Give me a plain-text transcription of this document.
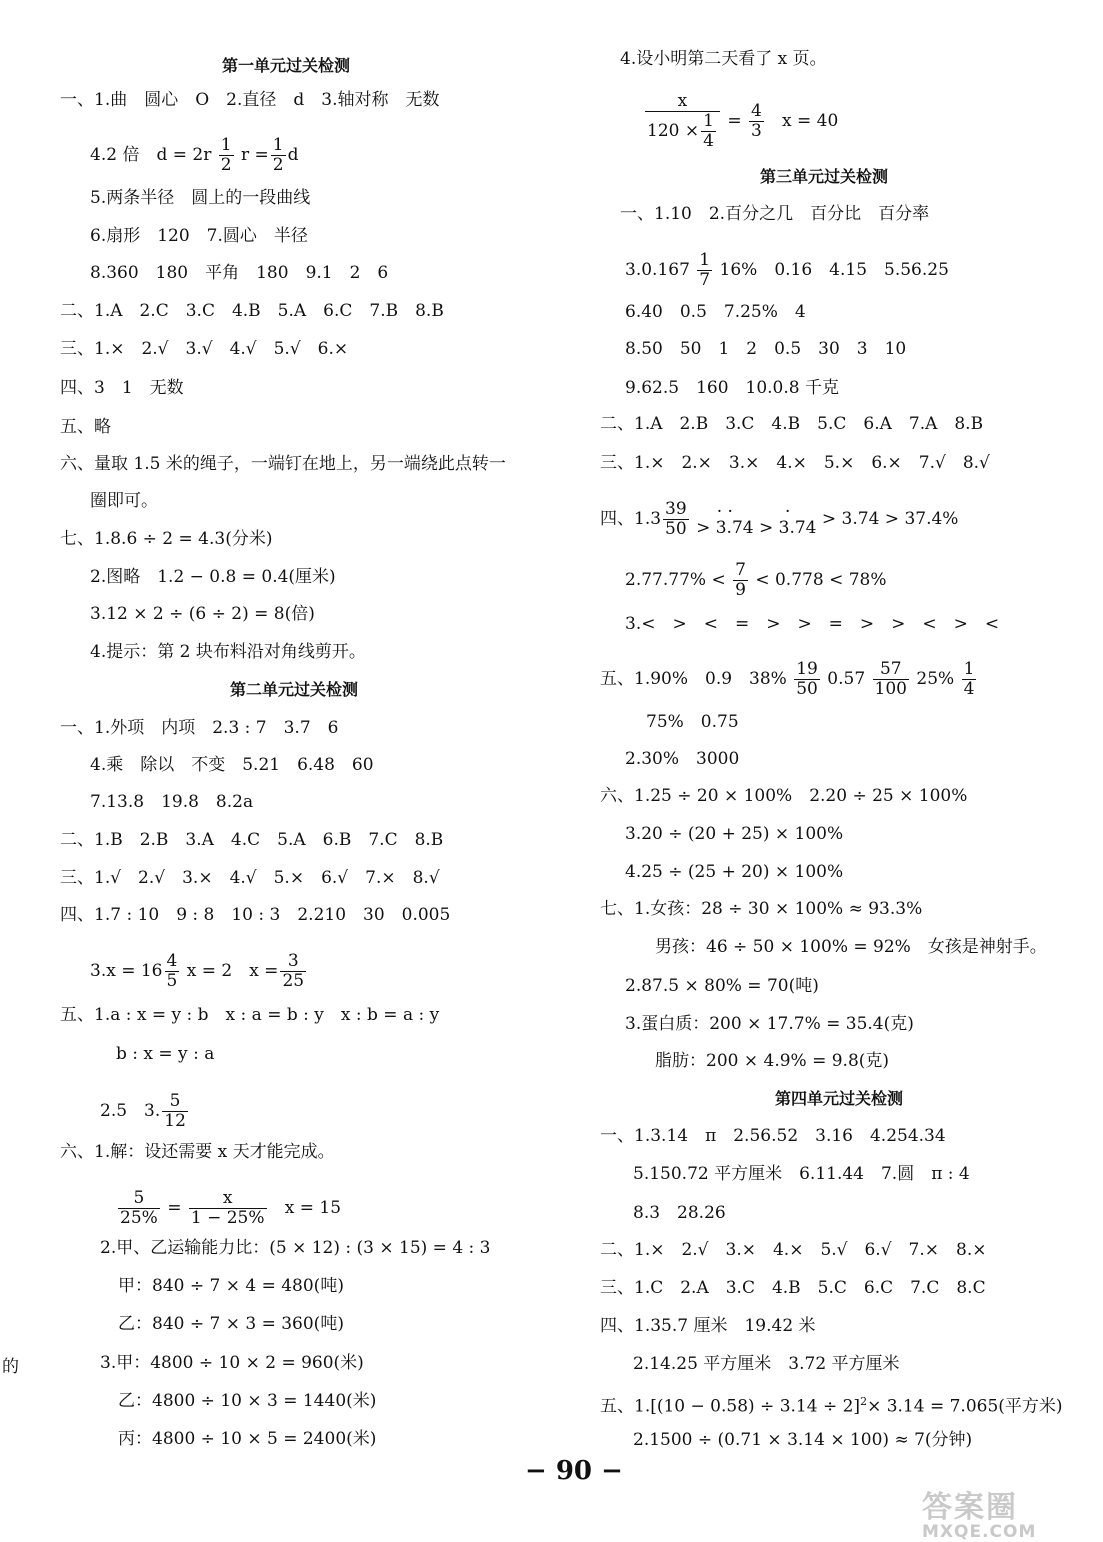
第一单元过关检测
一、1.曲　圆心　O　2.直径　d　3.轴对称　无数
4.2 倍　$d = 2r \frac{1}{2}$ $r = \frac{1}{2}$ d
5.两条半径　圆上的一段曲线
6.扇形　120　7.圆心　半径
8.360　180　平角　180　9.1　2　6
二、1.A　2.C　3.C　4.B　5.A　6.C　7.B　8.B
三、1.×　2.√　3.√　4.√　5.√　6.×
四、3　1　无数
五、略
六、量取 1.5 米的绳子，一端钉在地上，另一端绕此点转一
圈即可。
七、1.8.6 ÷ 2 = 4.3(分米)
2.图略　1.2 − 0.8 = 0.4(厘米)
3.12 × 2 ÷ (6 ÷ 2) = 8(倍)
4.提示：第 2 块布料沿对角线剪开。
第二单元过关检测
一、1.外项　内项　2.3 : 7　3.7　6
4.乘　除以　不变　5.21　6.48　60
7.13.8　19.8　8.2a
二、1.B　2.B　3.A　4.C　5.A　6.B　7.C　8.B
三、1.√　2.√　3.×　4.√　5.×　6.√　7.×　8.√
四、1.7 : 10　9 : 8　10 : 3　2.210　30　0.005
$3.x = 16 \frac{4}{5}$ x = 2　$x = \frac{3}{25}$
五、1.a : x = y : b　x : a = b : y　x : b = a : y
b : x = y : a
2.5　3. $\frac{5}{12}$
六、1.解：设还需要 x 天才能完成。
$\frac{5}{25\%} = \frac{x}{1 - 25\%}$ x = 15
2.甲、乙运输能力比：(5 × 12) : (3 × 15) = 4 : 3
甲：840 ÷ 7 × 4 = 480(吨)
乙：840 ÷ 7 × 3 = 360(吨)
3.甲：4800 ÷ 10 × 2 = 960(米)
乙：4800 ÷ 10 × 3 = 1440(米)
丙：4800 ÷ 10 × 5 = 2400(米)
的
4.设小明第二天看了 x 页。
$\frac{x}{120 \times \frac{1}{4}} = \frac{4}{3}$ x = 40
第三单元过关检测
一、1.10　2.百分之几　百分比　百分率
$3.0.167 \frac{1}{7} 16\%$　0.16　4.15　5.56.25
6.40　0.5　7.25%　4
8.50　50　1　2　0.5　30　3　10
9.62.5　160　10.0.8 千克
二、1.A　2.B　3.C　4.B　5.C　6.A　7.A　8.B
三、1.×　2.×　3.×　4.×　5.×　6.×　7.√　8.√
四、$1.3 \frac{39}{50}$
	· ·
> 3.74

·
> 3.74 > 3.74 > 37.4%
$2.77.77\% < \frac{7}{9} < 0.778 < 78\%$
3.<　>　<　=　>　>　=　>　>　<　>　<
五、1.90%　0.9　$38\% \frac{19}{50} 0.57 \frac{57}{100} 25\% \frac{1}{4}$
75%　0.75
2.30%　3000
六、1.25 ÷ 20 × 100%　2.20 ÷ 25 × 100%
3.20 ÷ (20 + 25) × 100%
4.25 ÷ (25 + 20) × 100%
七、1.女孩：28 ÷ 30 × 100% ≈ 93.3%
男孩：46 ÷ 50 × 100% = 92%　女孩是神射手。
2.87.5 × 80% = 70(吨)
3.蛋白质：200 × 17.7% = 35.4(克)
脂肪：200 × 4.9% = 9.8(克)
第四单元过关检测
一、1.3.14　π　2.56.52　3.16　4.254.34
5.150.72 平方厘米　6.11.44　7.圆　π : 4
8.3　28.26
二、1.×　2.√　3.×　4.×　5.√　6.√　7.×　8.×
三、1.C　2.A　3.C　4.B　5.C　6.C　7.C　8.C
四、1.35.7 厘米　19.42 米
2.14.25 平方厘米　3.72 平方厘米
五、$1.[(10 - 0.58) \div 3.14 \div 2]^2\times 3.14 = 7.065$(平方米)
2.1500 ÷ (0.71 × 3.14 × 100) ≈ 7(分钟)
− 90 −
答案圈
MXQE.COM
